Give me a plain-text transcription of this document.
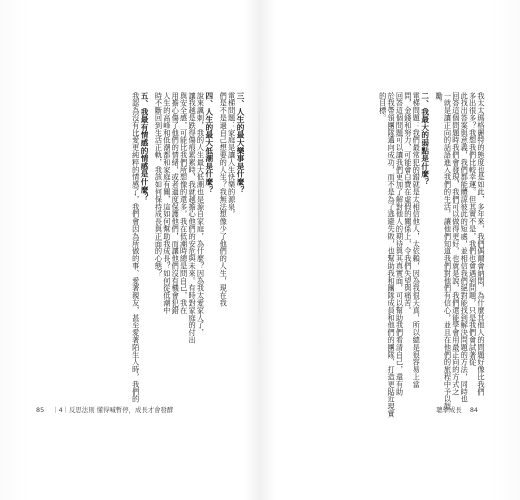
三、人生的最大樂事是什麼？
電梯問題：家庭是讓人生快樂的源泉，
們是不是過自己想要的人生？我無法想像少了他們的人生，現在我
四、人生的最大低潮是什麼？
說來諷刺，我的人生最大低潮也是源自家庭，為什麼？因為我太愛家人了，
讓我越是跌得傷痕累累時，我就越擔心他們的安危與未來。有時對家庭的付出
與安全感，可能比我們所想像的還多，我在低潮時總是問自己，我在
用擔心傷了他們的情緒，或者過度保護他們，而讓他們沒有機會犯錯
人生的高峰和低潮都和家庭有關，這如何幫助我成長？如何從低潮中
時不斷回到生活正軌，我該如何保持成長與正面的心態？
五、我最有情感的情感是什麼？
我認為沒有比愛更純粹的情感了，我們會因為所做的事、愛著親友，甚至愛著陌生人時，我們的	我太太瑪格麗特的態度也是如此，多年來，我們偶爾會納悶，為什麼其他人的問題好像比我們
多出很多？我想我們比較幸運。但其實不是，我們也會遇到問題，只是我們會試著從
此找出答案與意義，我們都能體諒彼此的短處，並相信我們絕對能找到解決問題的方法，同時也
回答這個問題時我們會發現，我們可以做得更好，也就是說，我們還能學會用最正向的方式之
一就是讓正向的話語進入我們的生活，讓他們知道我們對他們有信心，並且在他們的旅程中予以鼓
勵。
二、我最大的弱點是什麼？
電梯問題：我們最常犯的錯就是太相信他人，太依賴，因為我很天真，所以總是很容易上當
問，金錢和努力，可能會白費在虛假的關係上，令我們失望與痛苦。
回答這個問題可以讓我們更加了解對他人的期待與其真實面，可以幫助我們看清自己，還有助
於我帶領團隊邁向成功，而不是為了逃避失敗，也幫助我和團隊成員和他們的團隊，打造更貼近現實
的目標。
85 ｜4｜反思法則 懂得喊暫停，成長才會發酵	聰學成長 84
